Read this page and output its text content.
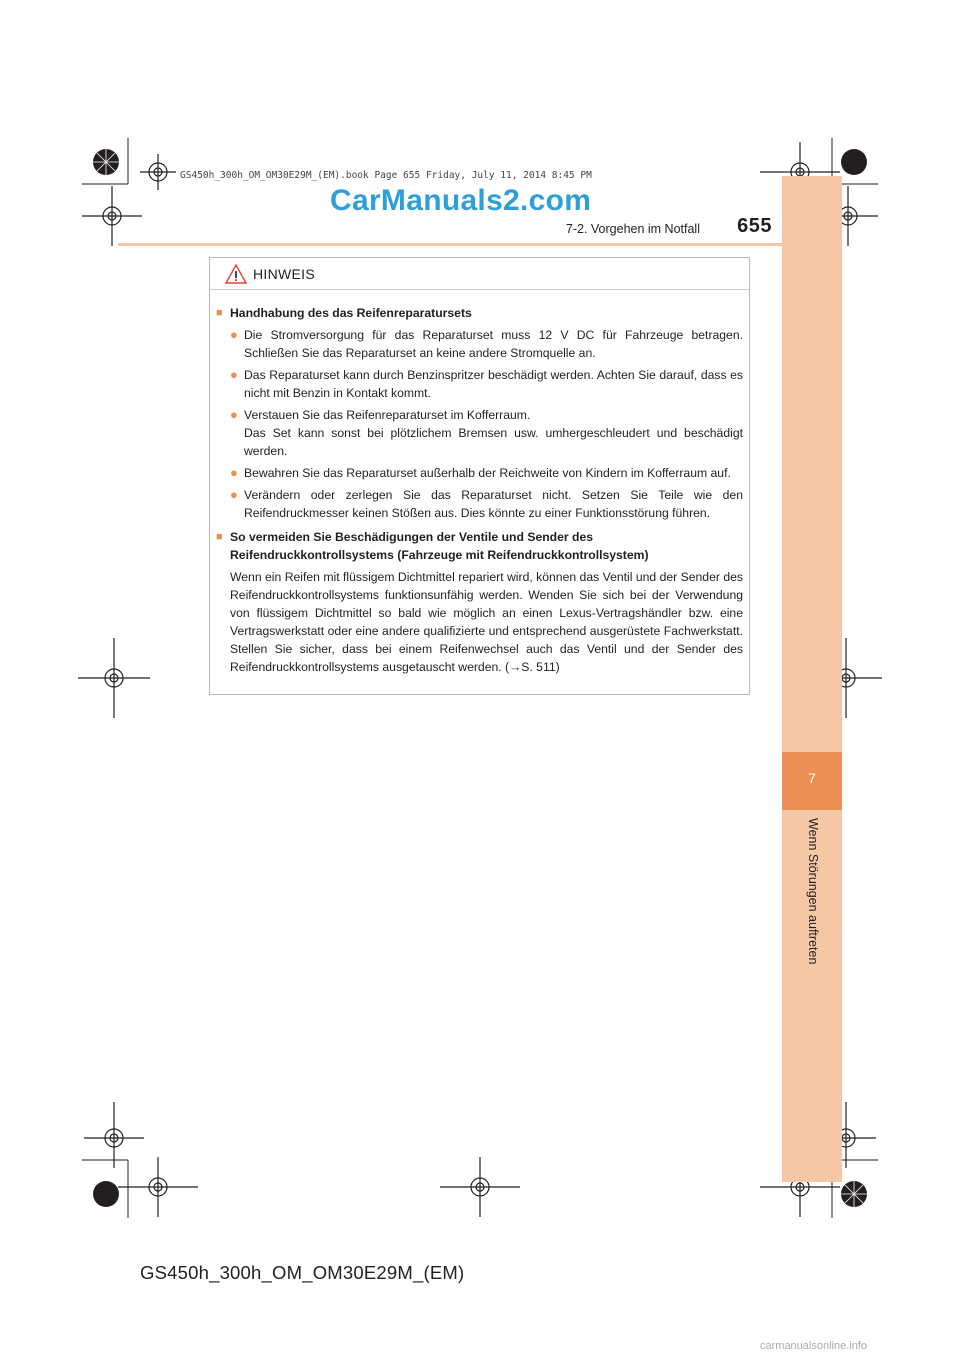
7
Wenn Störungen auftreten
GS450h_300h_OM_OM30E29M_(EM).book Page 655 Friday, July 11, 2014 8:45 PM
CarManuals2.com
7-2. Vorgehen im Notfall	655
HINWEIS
■ Handhabung des das Reifenreparatursets
● Die Stromversorgung für das Reparaturset muss 12 V DC für Fahrzeuge betragen. Schließen Sie das Reparaturset an keine andere Stromquelle an.
● Das Reparaturset kann durch Benzinspritzer beschädigt werden. Achten Sie darauf, dass es nicht mit Benzin in Kontakt kommt.
● Verstauen Sie das Reifenreparaturset im Kofferraum.
Das Set kann sonst bei plötzlichem Bremsen usw. umhergeschleudert und beschädigt werden.
● Bewahren Sie das Reparaturset außerhalb der Reichweite von Kindern im Kofferraum auf.
● Verändern oder zerlegen Sie das Reparaturset nicht. Setzen Sie Teile wie den Reifendruckmesser keinen Stößen aus. Dies könnte zu einer Funktionsstörung führen.
■ So vermeiden Sie Beschädigungen der Ventile und Sender des Reifendruckkontrollsystems (Fahrzeuge mit Reifendruckkontrollsystem)
Wenn ein Reifen mit flüssigem Dichtmittel repariert wird, können das Ventil und der Sender des Reifendruckkontrollsystems funktionsunfähig werden. Wenden Sie sich bei der Verwendung von flüssigem Dichtmittel so bald wie möglich an einen Lexus-Vertragshändler bzw. eine Vertragswerkstatt oder eine andere qualifizierte und entsprechend ausgerüstete Fachwerkstatt. Stellen Sie sicher, dass bei einem Reifenwechsel auch das Ventil und der Sender des Reifendruckkontrollsystems ausgetauscht werden. (→S. 511)
GS450h_300h_OM_OM30E29M_(EM)
carmanualsonline.info
